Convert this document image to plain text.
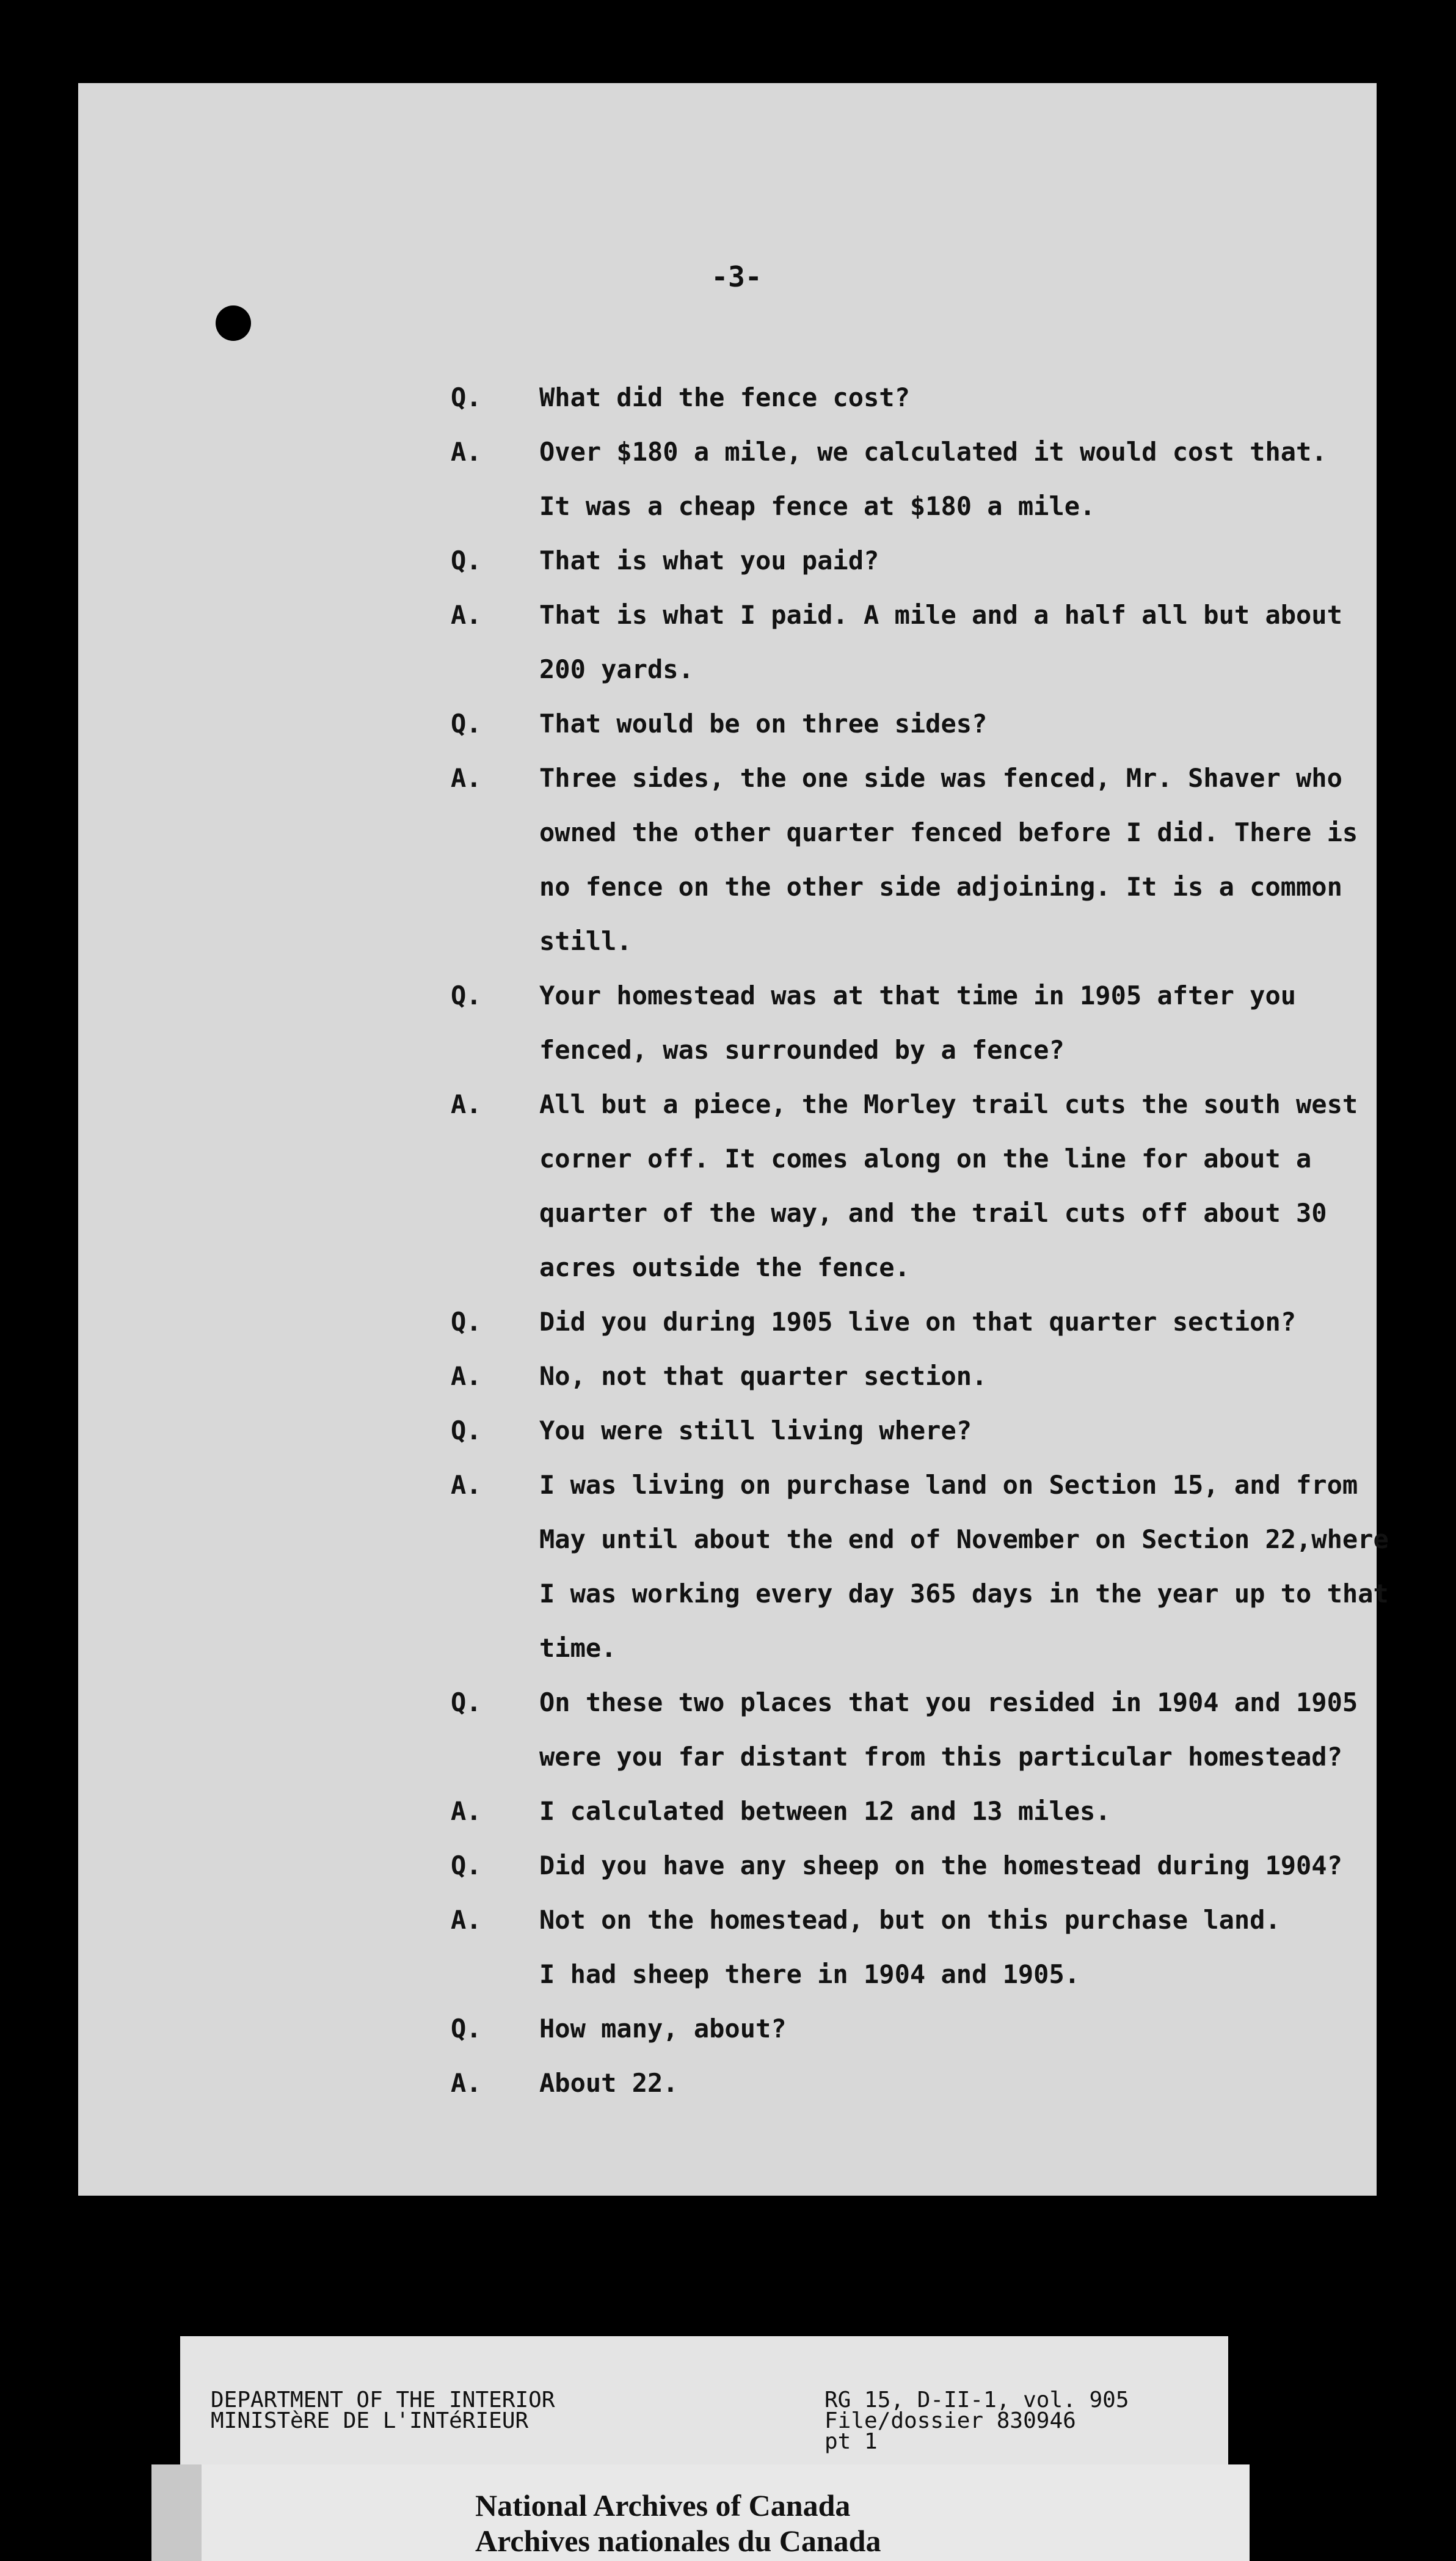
-3-
Q.	What did the fence cost?
A.	Over $180 a mile, we calculated it would cost that.
It was a cheap fence at $180 a mile.
Q.	That is what you paid?
A.	That is what I paid. A mile and a half all but about
200 yards.
Q.	That would be on three sides?
A.	Three sides, the one side was fenced, Mr. Shaver who
owned the other quarter fenced before I did. There is
no fence on the other side adjoining. It is a common
still.
Q.	Your homestead was at that time in 1905 after you
fenced, was surrounded by a fence?
A.	All but a piece, the Morley trail cuts the south west
corner off. It comes along on the line for about a
quarter of the way, and the trail cuts off about 30
acres outside the fence.
Q.	Did you during 1905 live on that quarter section?
A.	No, not that quarter section.
Q.	You were still living where?
A.	I was living on purchase land on Section 15, and from
May until about the end of November on Section 22,where
I was working every day 365 days in the year up to that
time.
Q.	On these two places that you resided in 1904 and 1905
were you far distant from this particular homestead?
A.	I calculated between 12 and 13 miles.
Q.	Did you have any sheep on the homestead during 1904?
A.	Not on the homestead, but on this purchase land.
I had sheep there in 1904 and 1905.
Q.	How many, about?
A.	About 22.
DEPARTMENT OF THE INTERIOR
MINISTèRE DE L'INTéRIEUR
RG 15, D-II-1, vol. 905
File/dossier 830946
pt 1
National Archives of Canada
Archives nationales du Canada
